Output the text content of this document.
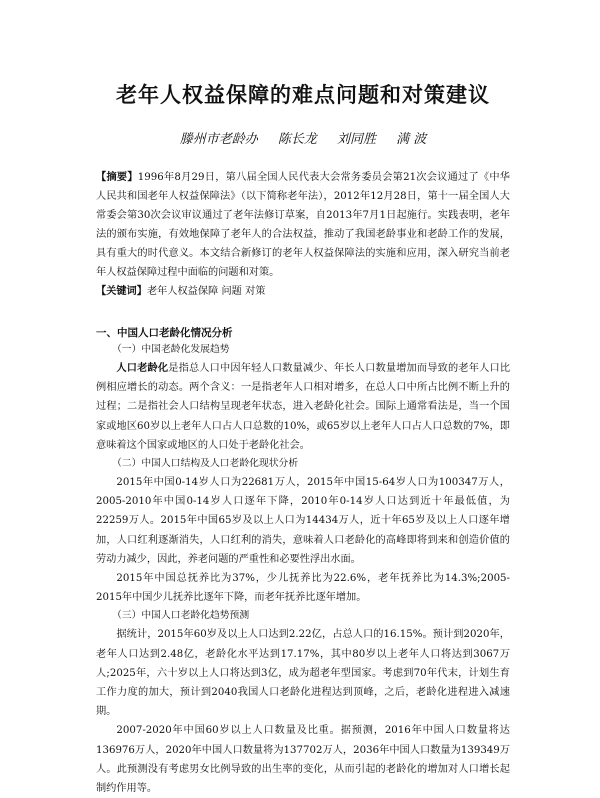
老年人权益保障的难点问题和对策建议
滕州市老龄办 陈长龙 刘同胜 满 波
【摘要】1996年8月29日，第八届全国人民代表大会常务委员会第21次会议通过了《中华人民共和国老年人权益保障法》（以下简称老年法），2012年12月28日，第十一届全国人大常委会第30次会议审议通过了老年法修订草案，自2013年7月1日起施行。实践表明，老年法的颁布实施，有效地保障了老年人的合法权益，推动了我国老龄事业和老龄工作的发展，具有重大的时代意义。本文结合新修订的老年人权益保障法的实施和应用，深入研究当前老年人权益保障过程中面临的问题和对策。
【关键词】老年人权益保障 问题 对策
一、中国人口老龄化情况分析
（一）中国老龄化发展趋势

人口老龄化是指总人口中因年轻人口数量减少、年长人口数量增加而导致的老年人口比例相应增长的动态。两个含义：一是指老年人口相对增多，在总人口中所占比例不断上升的过程；二是指社会人口结构呈现老年状态，进入老龄化社会。国际上通常看法是，当一个国家或地区60岁以上老年人口占人口总数的10%，或65岁以上老年人口占人口总数的7%，即意味着这个国家或地区的人口处于老龄化社会。

（二）中国人口结构及人口老龄化现状分析

2015年中国0-14岁人口为22681万人，2015年中国15-64岁人口为100347万人，2005-2010年中国0-14岁人口逐年下降，2010年0-14岁人口达到近十年最低值，为22259万人。2015年中国65岁及以上人口为14434万人，近十年65岁及以上人口逐年增加，人口红利逐渐消失，人口红利的消失，意味着人口老龄化的高峰即将到来和创造价值的劳动力减少，因此，养老问题的严重性和必要性浮出水面。

2015年中国总抚养比为37%，少儿抚养比为22.6%，老年抚养比为14.3%;2005-2015年中国少儿抚养比逐年下降，而老年抚养比逐年增加。

（三）中国人口老龄化趋势预测

据统计，2015年60岁及以上人口达到2.22亿，占总人口的16.15%。预计到2020年，老年人口达到2.48亿，老龄化水平达到17.17%，其中80岁以上老年人口将达到3067万人;2025年，六十岁以上人口将达到3亿，成为超老年型国家。考虑到70年代末，计划生育工作力度的加大，预计到2040我国人口老龄化进程达到顶峰，之后，老龄化进程进入减速期。

2007-2020年中国60岁以上人口数量及比重。据预测，2016年中国人口数量将达136976万人，2020年中国人口数量将为137702万人，2036年中国人口数量为139349万人。此预测没有考虑男女比例导致的出生率的变化，从而引起的老龄化的增加对人口增长起制约作用等。
